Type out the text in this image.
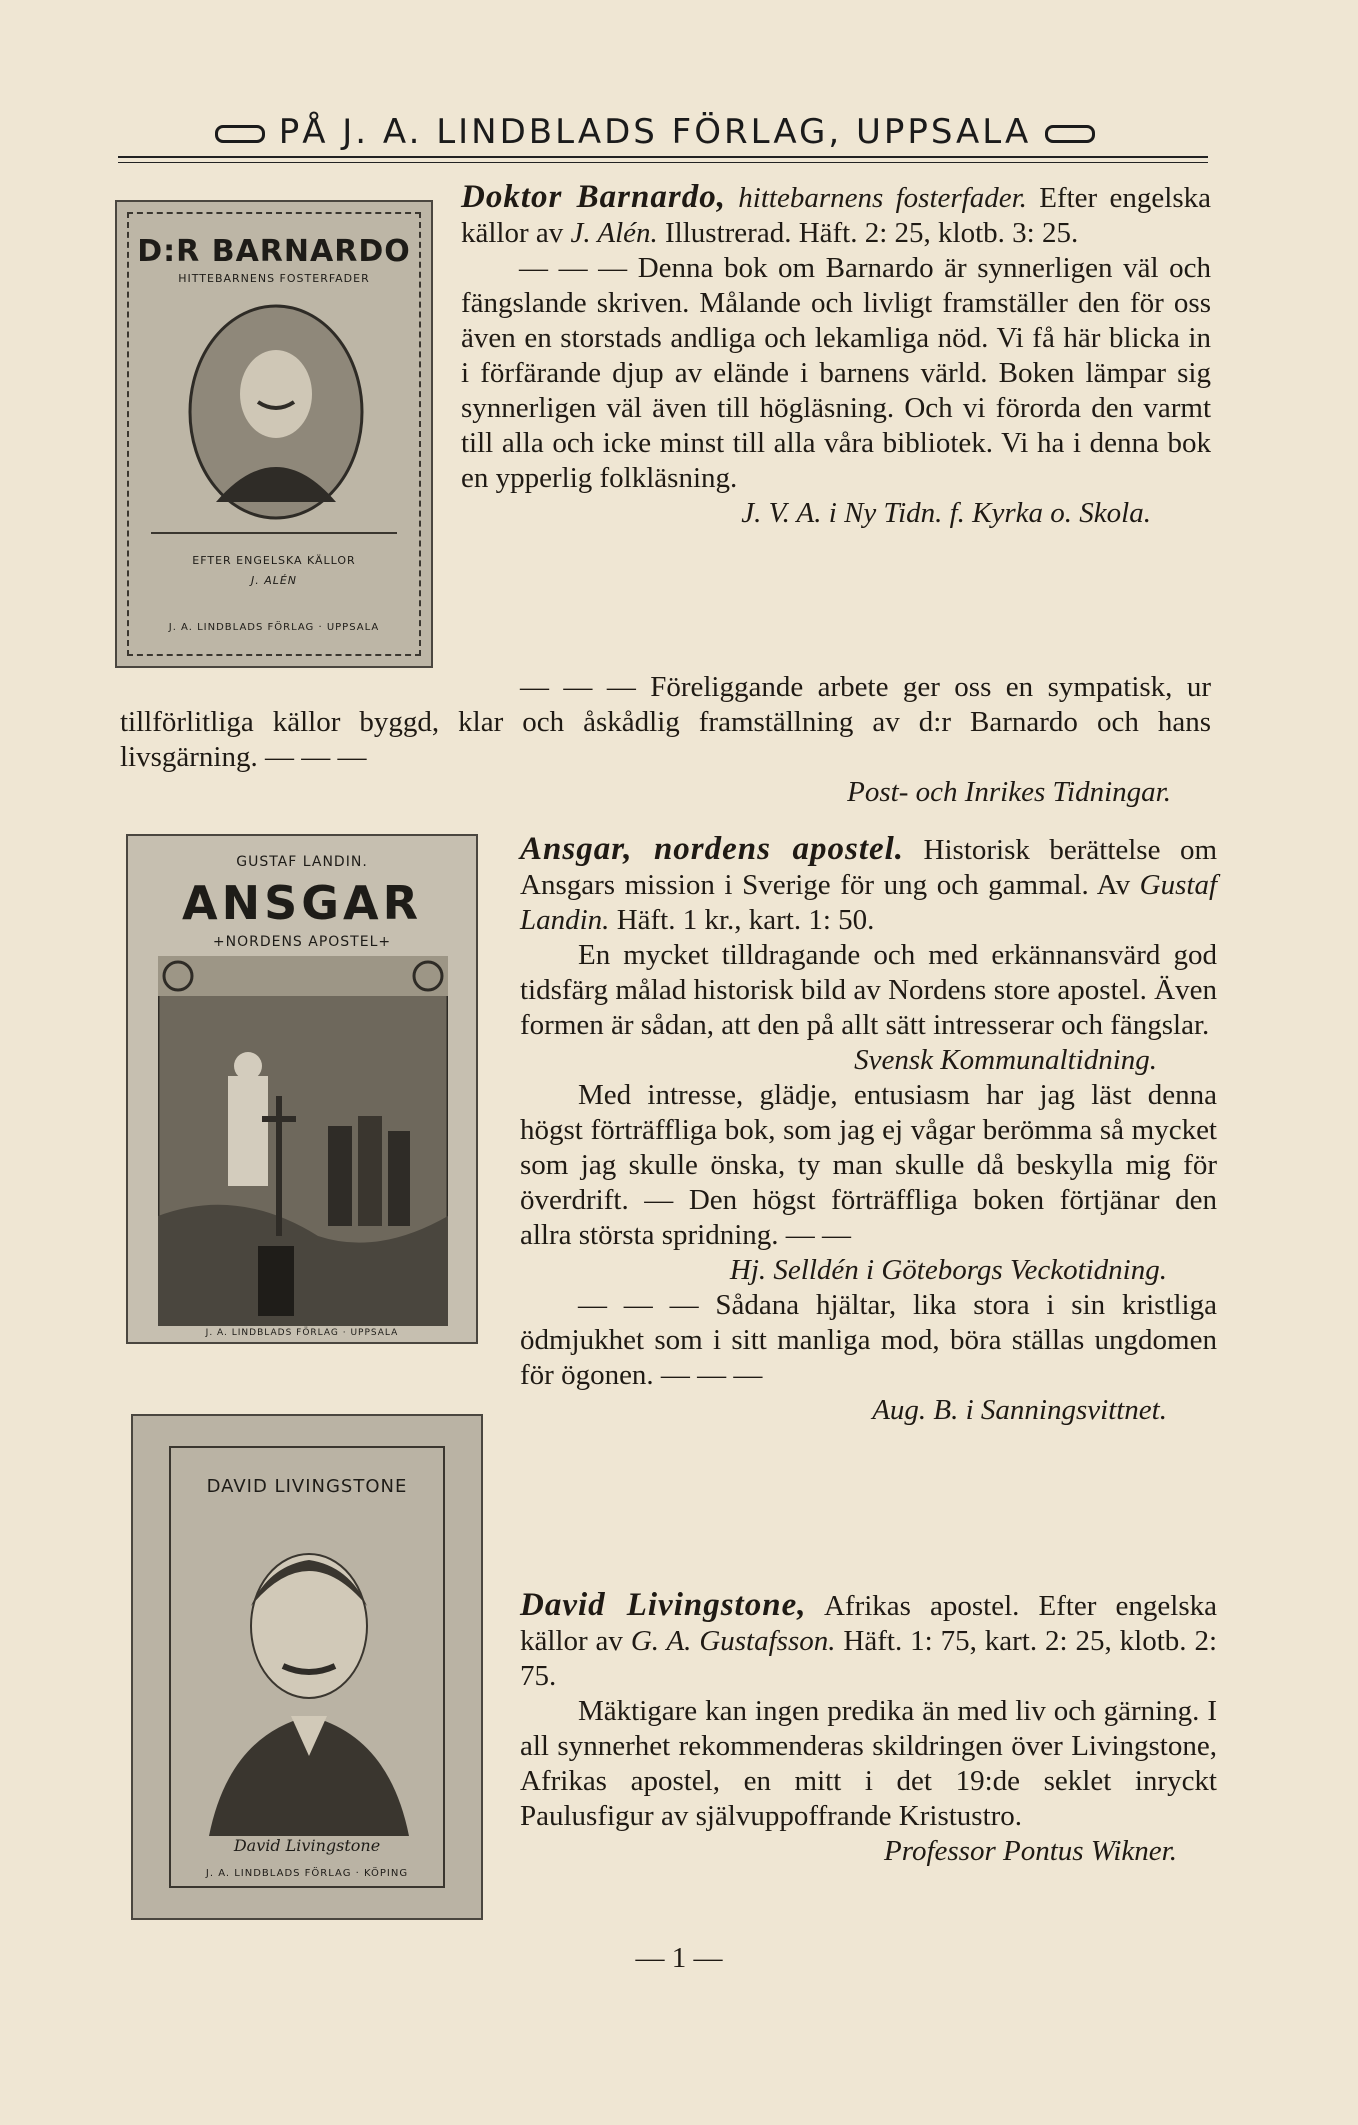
PÅ J. A. LINDBLADS FÖRLAG, UPPSALA
D:R BARNARDO
HITTEBARNENS FOSTERFADER
EFTER ENGELSKA KÄLLOR
J. ALÉN
J. A. LINDBLADS FÖRLAG · UPPSALA

Doktor Barnardo, hittebarnens fosterfader. Efter engelska källor av J. Alén. Illustrerad. Häft. 2: 25, klotb. 3: 25.

— — — Denna bok om Barnardo är synnerligen väl och fängslande skriven. Målande och livligt framställer den för oss även en storstads andliga och lekamliga nöd. Vi få här blicka in i förfärande djup av elände i barnens värld. Boken lämpar sig synnerligen väl även till högläsning. Och vi förorda den varmt till alla och icke minst till alla våra bibliotek. Vi ha i denna bok en ypperlig folkläsning.

J. V. A. i Ny Tidn. f. Kyrka o. Skola.

— — — Föreliggande arbete ger oss en sympatisk, ur tillförlitliga källor byggd, klar och åskådlig framställning av d:r Barnardo och hans livsgärning. — — —

Post- och Inrikes Tidningar.

GUSTAF LANDIN.
ANSGAR
+NORDENS APOSTEL+
J. A. LINDBLADS FÖRLAG · UPPSALA

Ansgar, nordens apostel. Historisk berättelse om Ansgars mission i Sverige för ung och gammal. Av Gustaf Landin. Häft. 1 kr., kart. 1: 50.

En mycket tilldragande och med erkännansvärd god tidsfärg målad historisk bild av Nordens store apostel. Även formen är sådan, att den på allt sätt intresserar och fängslar.

Svensk Kommunaltidning.

Med intresse, glädje, entusiasm har jag läst denna högst förträffliga bok, som jag ej vågar berömma så mycket som jag skulle önska, ty man skulle då beskylla mig för överdrift. — Den högst förträffliga boken förtjänar den allra största spridning. — —

Hj. Selldén i Göteborgs Veckotidning.

— — — Sådana hjältar, lika stora i sin kristliga ödmjukhet som i sitt manliga mod, böra ställas ungdomen för ögonen. — — —

Aug. B. i Sanningsvittnet.

DAVID LIVINGSTONE
David Livingstone
J. A. LINDBLADS FÖRLAG · KÖPING

David Livingstone, Afrikas apostel. Efter engelska källor av G. A. Gustafsson. Häft. 1: 75, kart. 2: 25, klotb. 2: 75.

Mäktigare kan ingen predika än med liv och gärning. I all synnerhet rekommenderas skildringen över Livingstone, Afrikas apostel, en mitt i det 19:de seklet inryckt Paulusfigur av självuppoffrande Kristustro.

Professor Pontus Wikner.

— 1 —
